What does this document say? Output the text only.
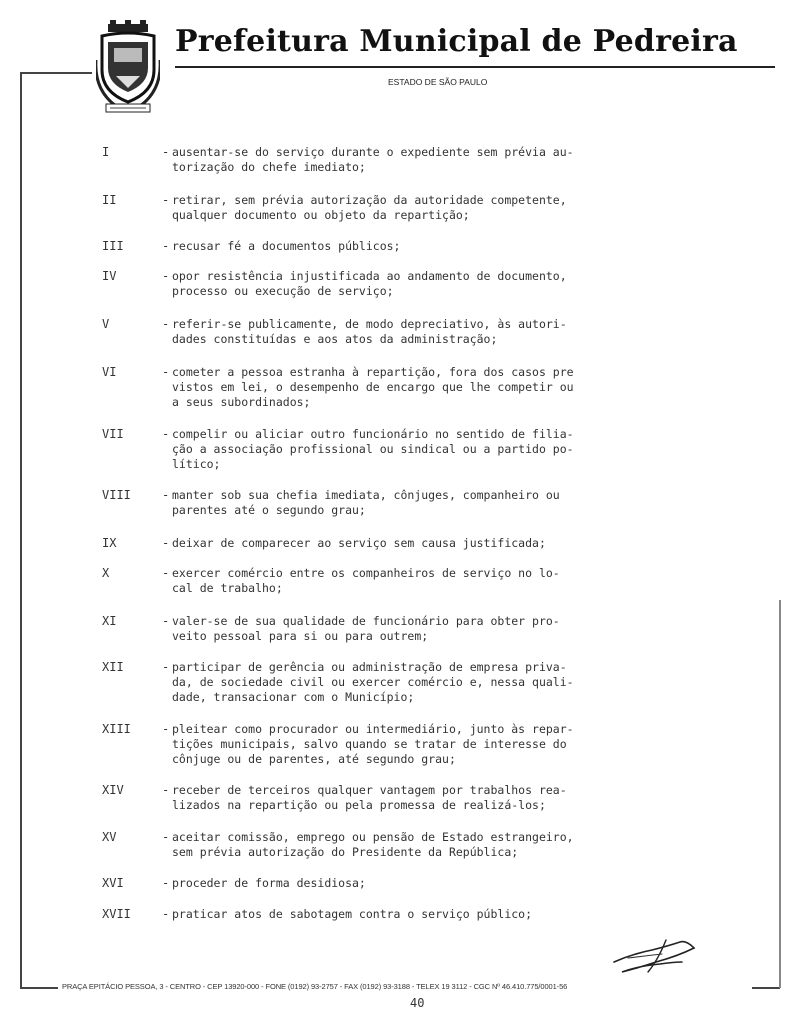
Prefeitura Municipal de Pedreira
ESTADO DE SÃO PAULO
I	- ausentar-se do serviço durante o expediente sem prévia au-
torização do chefe imediato;
II	- retirar, sem prévia autorização da autoridade competente,
qualquer documento ou objeto da repartição;
III	- recusar fé a documentos públicos;
IV	- opor resistência injustificada ao andamento de documento,
processo ou execução de serviço;
V	- referir-se publicamente, de modo depreciativo, às autori-
dades constituídas e aos atos da administração;
VI	- cometer a pessoa estranha à repartição, fora dos casos pre
vistos em lei, o desempenho de encargo que lhe competir ou
a seus subordinados;
VII	- compelir ou aliciar outro funcionário no sentido de filia-
ção a associação profissional ou sindical ou a partido po-
lítico;
VIII	- manter sob sua chefia imediata, cônjuges, companheiro ou
parentes até o segundo grau;
IX	- deixar de comparecer ao serviço sem causa justificada;
X	- exercer comércio entre os companheiros de serviço no lo-
cal de trabalho;
XI	- valer-se de sua qualidade de funcionário para obter pro-
veito pessoal para si ou para outrem;
XII	- participar de gerência ou administração de empresa priva-
da, de sociedade civil ou exercer comércio e, nessa quali-
dade, transacionar com o Município;
XIII	- pleitear como procurador ou intermediário, junto às repar-
tições municipais, salvo quando se tratar de interesse do
cônjuge ou de parentes, até segundo grau;
XIV	- receber de terceiros qualquer vantagem por trabalhos rea-
lizados na repartição ou pela promessa de realizá-los;
XV	- aceitar comissão, emprego ou pensão de Estado estrangeiro,
sem prévia autorização do Presidente da República;
XVI	- proceder de forma desidiosa;
XVII	- praticar atos de sabotagem contra o serviço público;
PRAÇA EPITÁCIO PESSOA, 3 - CENTRO - CEP 13920-000 - FONE (0192) 93-2757 - FAX (0192) 93-3188 - TELEX 19 3112 - CGC Nº 46.410.775/0001-56
40
